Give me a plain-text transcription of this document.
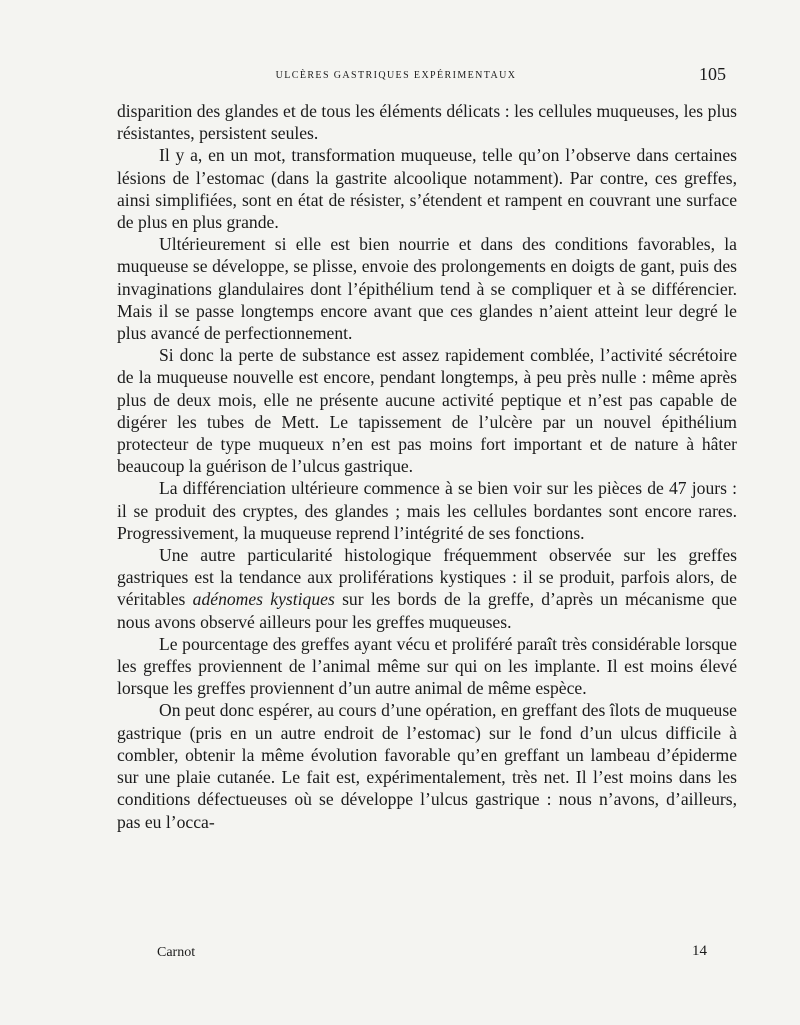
ULCÈRES GASTRIQUES EXPÉRIMENTAUX	105

disparition des glandes et de tous les éléments délicats : les cellules muqueuses, les plus résistantes, persistent seules.

Il y a, en un mot, transformation muqueuse, telle qu’on l’observe dans certaines lésions de l’estomac (dans la gastrite alcoolique notamment). Par contre, ces greffes, ainsi simplifiées, sont en état de résister, s’étendent et rampent en couvrant une surface de plus en plus grande.

Ultérieurement si elle est bien nourrie et dans des conditions favorables, la muqueuse se développe, se plisse, envoie des prolongements en doigts de gant, puis des invaginations glandulaires dont l’épithélium tend à se compliquer et à se différencier. Mais il se passe longtemps encore avant que ces glandes n’aient atteint leur degré le plus avancé de perfectionnement.

Si donc la perte de substance est assez rapidement comblée, l’activité sécrétoire de la muqueuse nouvelle est encore, pendant longtemps, à peu près nulle : même après plus de deux mois, elle ne présente aucune activité peptique et n’est pas capable de digérer les tubes de Mett. Le tapissement de l’ulcère par un nouvel épithélium protecteur de type muqueux n’en est pas moins fort important et de nature à hâter beaucoup la guérison de l’ulcus gastrique.

La différenciation ultérieure commence à se bien voir sur les pièces de 47 jours : il se produit des cryptes, des glandes ; mais les cellules bordantes sont encore rares. Progressivement, la muqueuse reprend l’intégrité de ses fonctions.

Une autre particularité histologique fréquemment observée sur les greffes gastriques est la tendance aux proliférations kystiques : il se produit, parfois alors, de véritables adénomes kystiques sur les bords de la greffe, d’après un mécanisme que nous avons observé ailleurs pour les greffes muqueuses.

Le pourcentage des greffes ayant vécu et proliféré paraît très considérable lorsque les greffes proviennent de l’animal même sur qui on les implante. Il est moins élevé lorsque les greffes proviennent d’un autre animal de même espèce.

On peut donc espérer, au cours d’une opération, en greffant des îlots de muqueuse gastrique (pris en un autre endroit de l’estomac) sur le fond d’un ulcus difficile à combler, obtenir la même évolution favorable qu’en greffant un lambeau d’épiderme sur une plaie cutanée. Le fait est, expérimentalement, très net. Il l’est moins dans les conditions défectueuses où se développe l’ulcus gastrique : nous n’avons, d’ailleurs, pas eu l’occa-

Carnot	14
